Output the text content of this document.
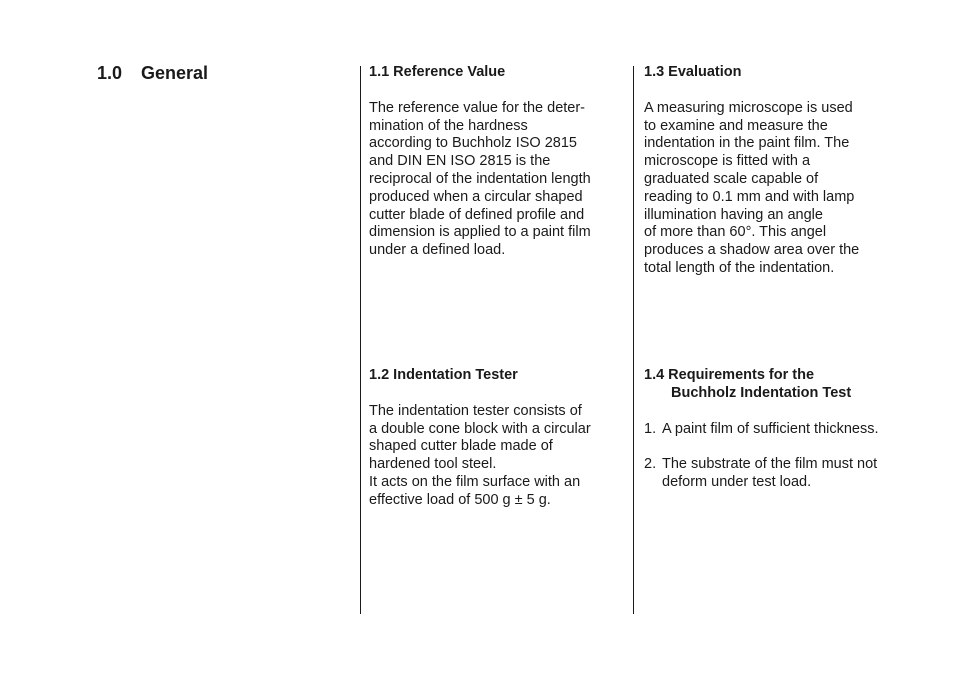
1.0 General	1.1 Reference Value

The reference value for the deter-
mination of the hardness
according to Buchholz ISO 2815
and DIN EN ISO 2815 is the
reciprocal of the indentation length
produced when a circular shaped
cutter blade of defined profile and
dimension is applied to a paint film
under a defined load.

1.2 Indentation Tester

The indentation tester consists of
a double cone block with a circular
shaped cutter blade made of
hardened tool steel.
It acts on the film surface with an
effective load of 500 g ± 5 g.

1.3 Evaluation

A measuring microscope is used
to examine and measure the
indentation in the paint film. The
microscope is fitted with a
graduated scale capable of
reading to 0.1 mm and with lamp
illumination having an angle
of more than 60°. This angel
produces a shadow area over the
total length of the indentation.

1.4 Requirements for the
Buchholz Indentation Test
1. A paint film of sufficient thickness.
2. The substrate of the film must not
deform under test load.
